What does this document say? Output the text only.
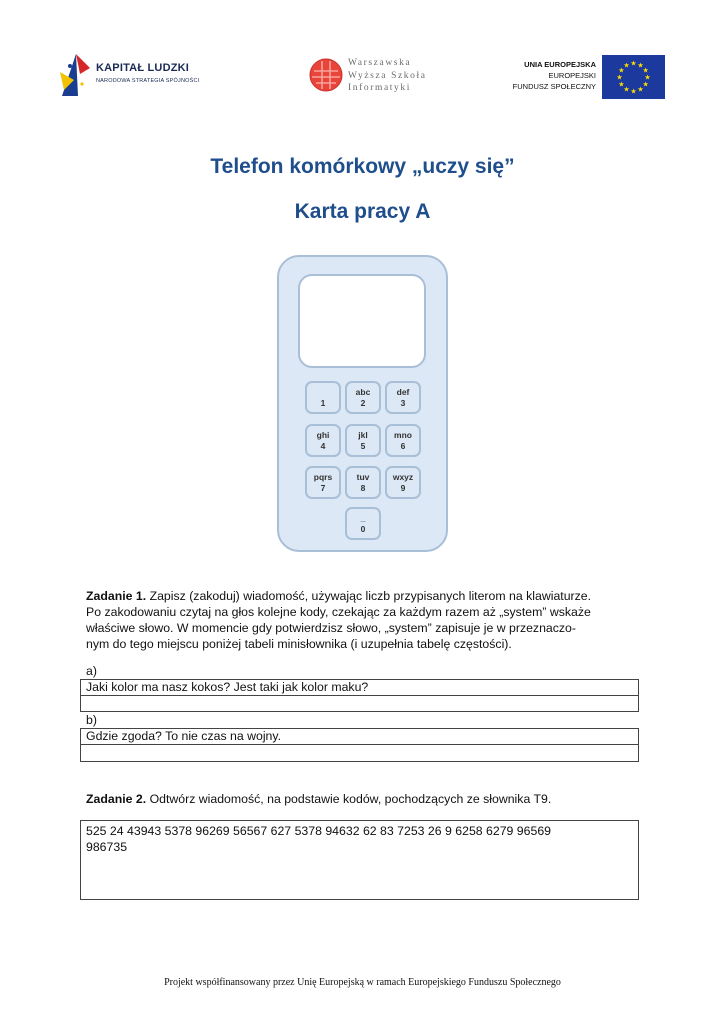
KAPITAŁ LUDZKI
NARODOWA STRATEGIA SPÓJNOŚCI
Warszawska
Wyższa Szkoła
Informatyki
UNIA EUROPEJSKA
EUROPEJSKI
FUNDUSZ SPOŁECZNY
★ ★
★
★
★
★
★
★
★
★
★
★
Telefon komórkowy „uczy się”
Karta pracy A
1
abc
2
def
3
ghi
4
jkl
5
mno
6
pqrs
7
tuv
8
wxyz
9
_
0
Zadanie 1. Zapisz (zakoduj) wiadomość, używając liczb przypisanych literom na klawiaturze.
Po zakodowaniu czytaj na głos kolejne kody, czekając za każdym razem aż „system” wskaże
właściwe słowo. W momencie gdy potwierdzisz słowo, „system” zapisuje je w przeznaczo-
nym do tego miejscu poniżej tabeli minisłownika (i uzupełnia tabelę częstości).
a)
Jaki kolor ma nasz kokos? Jest taki jak kolor maku?
b)
Gdzie zgoda? To nie czas na wojny.
Zadanie 2. Odtwórz wiadomość, na podstawie kodów, pochodzących ze słownika T9.
525 24 43943 5378 96269 56567 627 5378 94632 62 83 7253 26 9 6258 6279 96569
986735
Projekt współfinansowany przez Unię Europejską w ramach Europejskiego Funduszu Społecznego
